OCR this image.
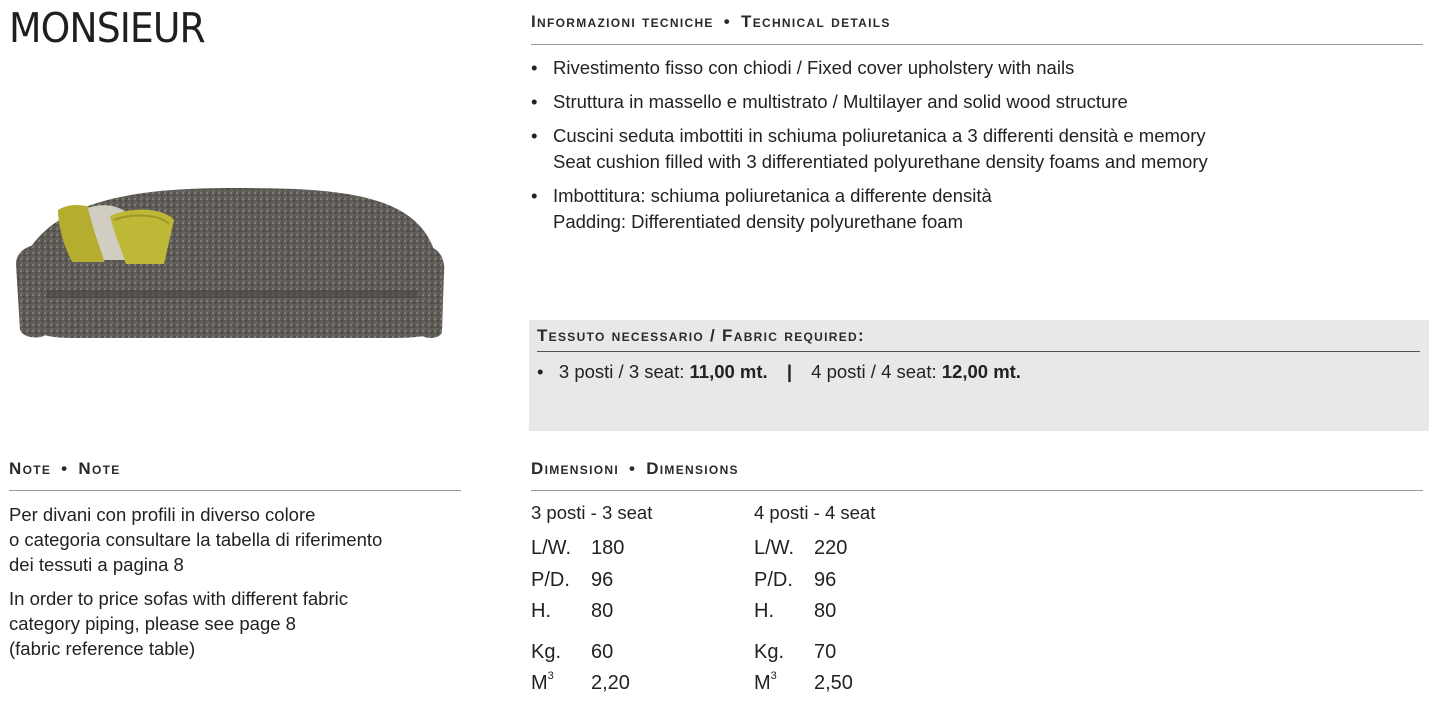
MONSIEUR	Informazioni tecniche • Technical details
• Rivestimento fisso con chiodi / Fixed cover upholstery with nails
• Struttura in massello e multistrato / Multilayer and solid wood structure
• Cuscini seduta imbottiti in schiuma poliuretanica a 3 differenti densità e memory
Seat cushion filled with 3 differentiated polyurethane density foams and memory
• Imbottitura: schiuma poliuretanica a differente densità
Padding: Differentiated density polyurethane foam
Tessuto necessario / Fabric required:
• 3 posti / 3 seat: 11,00 mt. | 4 posti / 4 seat: 12,00 mt.
Note • Note

Per divani con profili in diverso colore
o categoria consultare la tabella di riferimento
dei tessuti a pagina 8

In order to price sofas with different fabric
category piping, please see page 8
(fabric reference table)

Dimensioni • Dimensions
3 posti - 3 seat
L/W. 180
P/D.	96
H.	80
Kg.	60
$M^3$	2,20
4 posti - 4 seat
L/W. 220
P/D.	96
H.	80
Kg.	70
$M^3$	2,50
